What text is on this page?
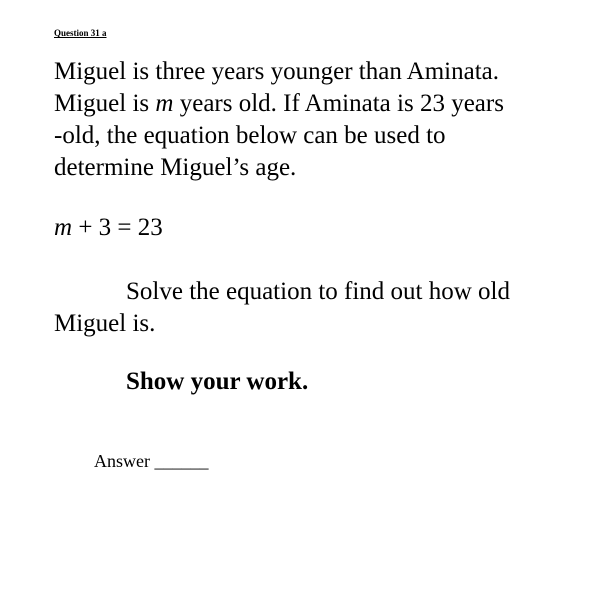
Question 31 a

Miguel is three years younger than Aminata.

Miguel is m years old. If Aminata is 23 years

-old, the equation below can be used to

determine Miguel’s age.

m + 3 = 23

Solve the equation to find out how old

Miguel is.

Show your work.
Answer ______
